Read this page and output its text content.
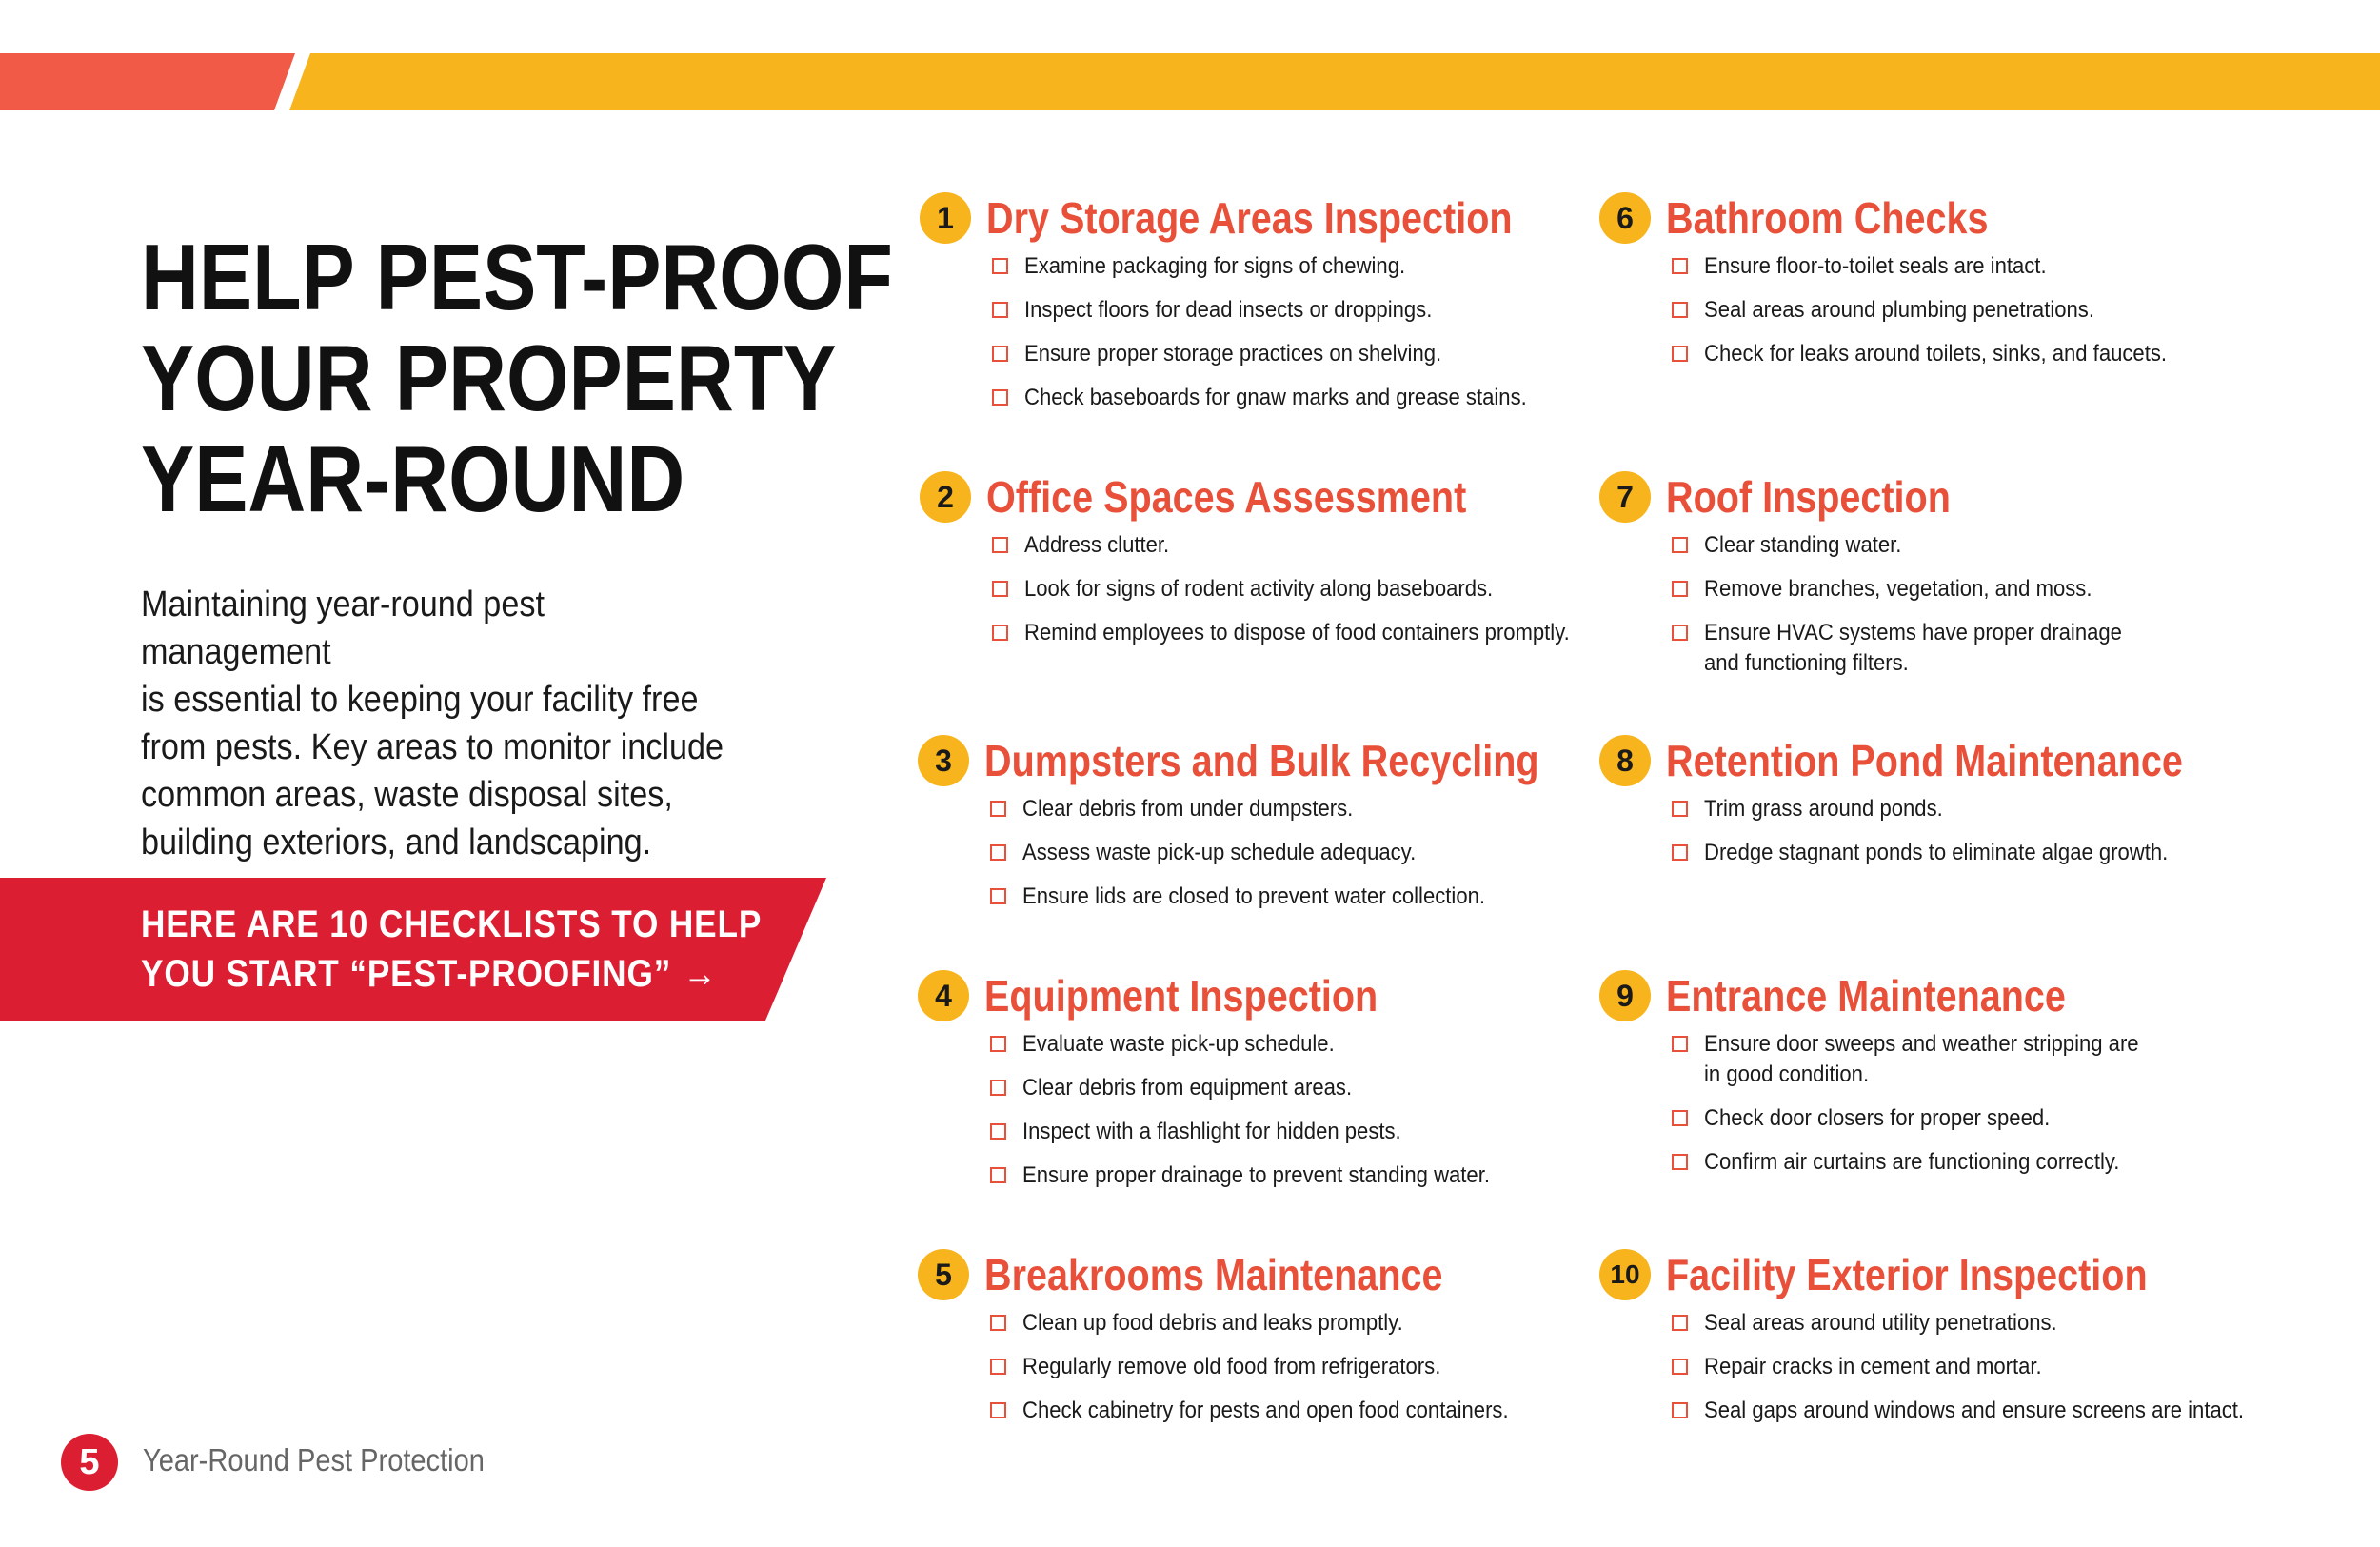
HELP PEST-PROOF
YOUR PROPERTY
YEAR-ROUND
Maintaining year-round pest management
is essential to keeping your facility free
from pests. Key areas to monitor include
common areas, waste disposal sites,
building exteriors, and landscaping.
HERE ARE 10 CHECKLISTS TO HELP
YOU START “PEST-PROOFING” →
1 Dry Storage Areas Inspection
Examine packaging for signs of chewing.
Inspect floors for dead insects or droppings.
Ensure proper storage practices on shelving.
Check baseboards for gnaw marks and grease stains.
2 Office Spaces Assessment
Address clutter.
Look for signs of rodent activity along baseboards.
Remind employees to dispose of food containers promptly.
3 Dumpsters and Bulk Recycling
Clear debris from under dumpsters.
Assess waste pick-up schedule adequacy.
Ensure lids are closed to prevent water collection.
4 Equipment Inspection
Evaluate waste pick-up schedule.
Clear debris from equipment areas.
Inspect with a flashlight for hidden pests.
Ensure proper drainage to prevent standing water.
5 Breakrooms Maintenance
Clean up food debris and leaks promptly.
Regularly remove old food from refrigerators.
Check cabinetry for pests and open food containers.
6 Bathroom Checks
Ensure floor-to-toilet seals are intact.
Seal areas around plumbing penetrations.
Check for leaks around toilets, sinks, and faucets.
7 Roof Inspection
Clear standing water.
Remove branches, vegetation, and moss.
Ensure HVAC systems have proper drainage and functioning filters.
8 Retention Pond Maintenance
Trim grass around ponds.
Dredge stagnant ponds to eliminate algae growth.
9 Entrance Maintenance
Ensure door sweeps and weather stripping are in good condition.
Check door closers for proper speed.
Confirm air curtains are functioning correctly.
10 Facility Exterior Inspection
Seal areas around utility penetrations.
Repair cracks in cement and mortar.
Seal gaps around windows and ensure screens are intact.
5	Year-Round Pest Protection
